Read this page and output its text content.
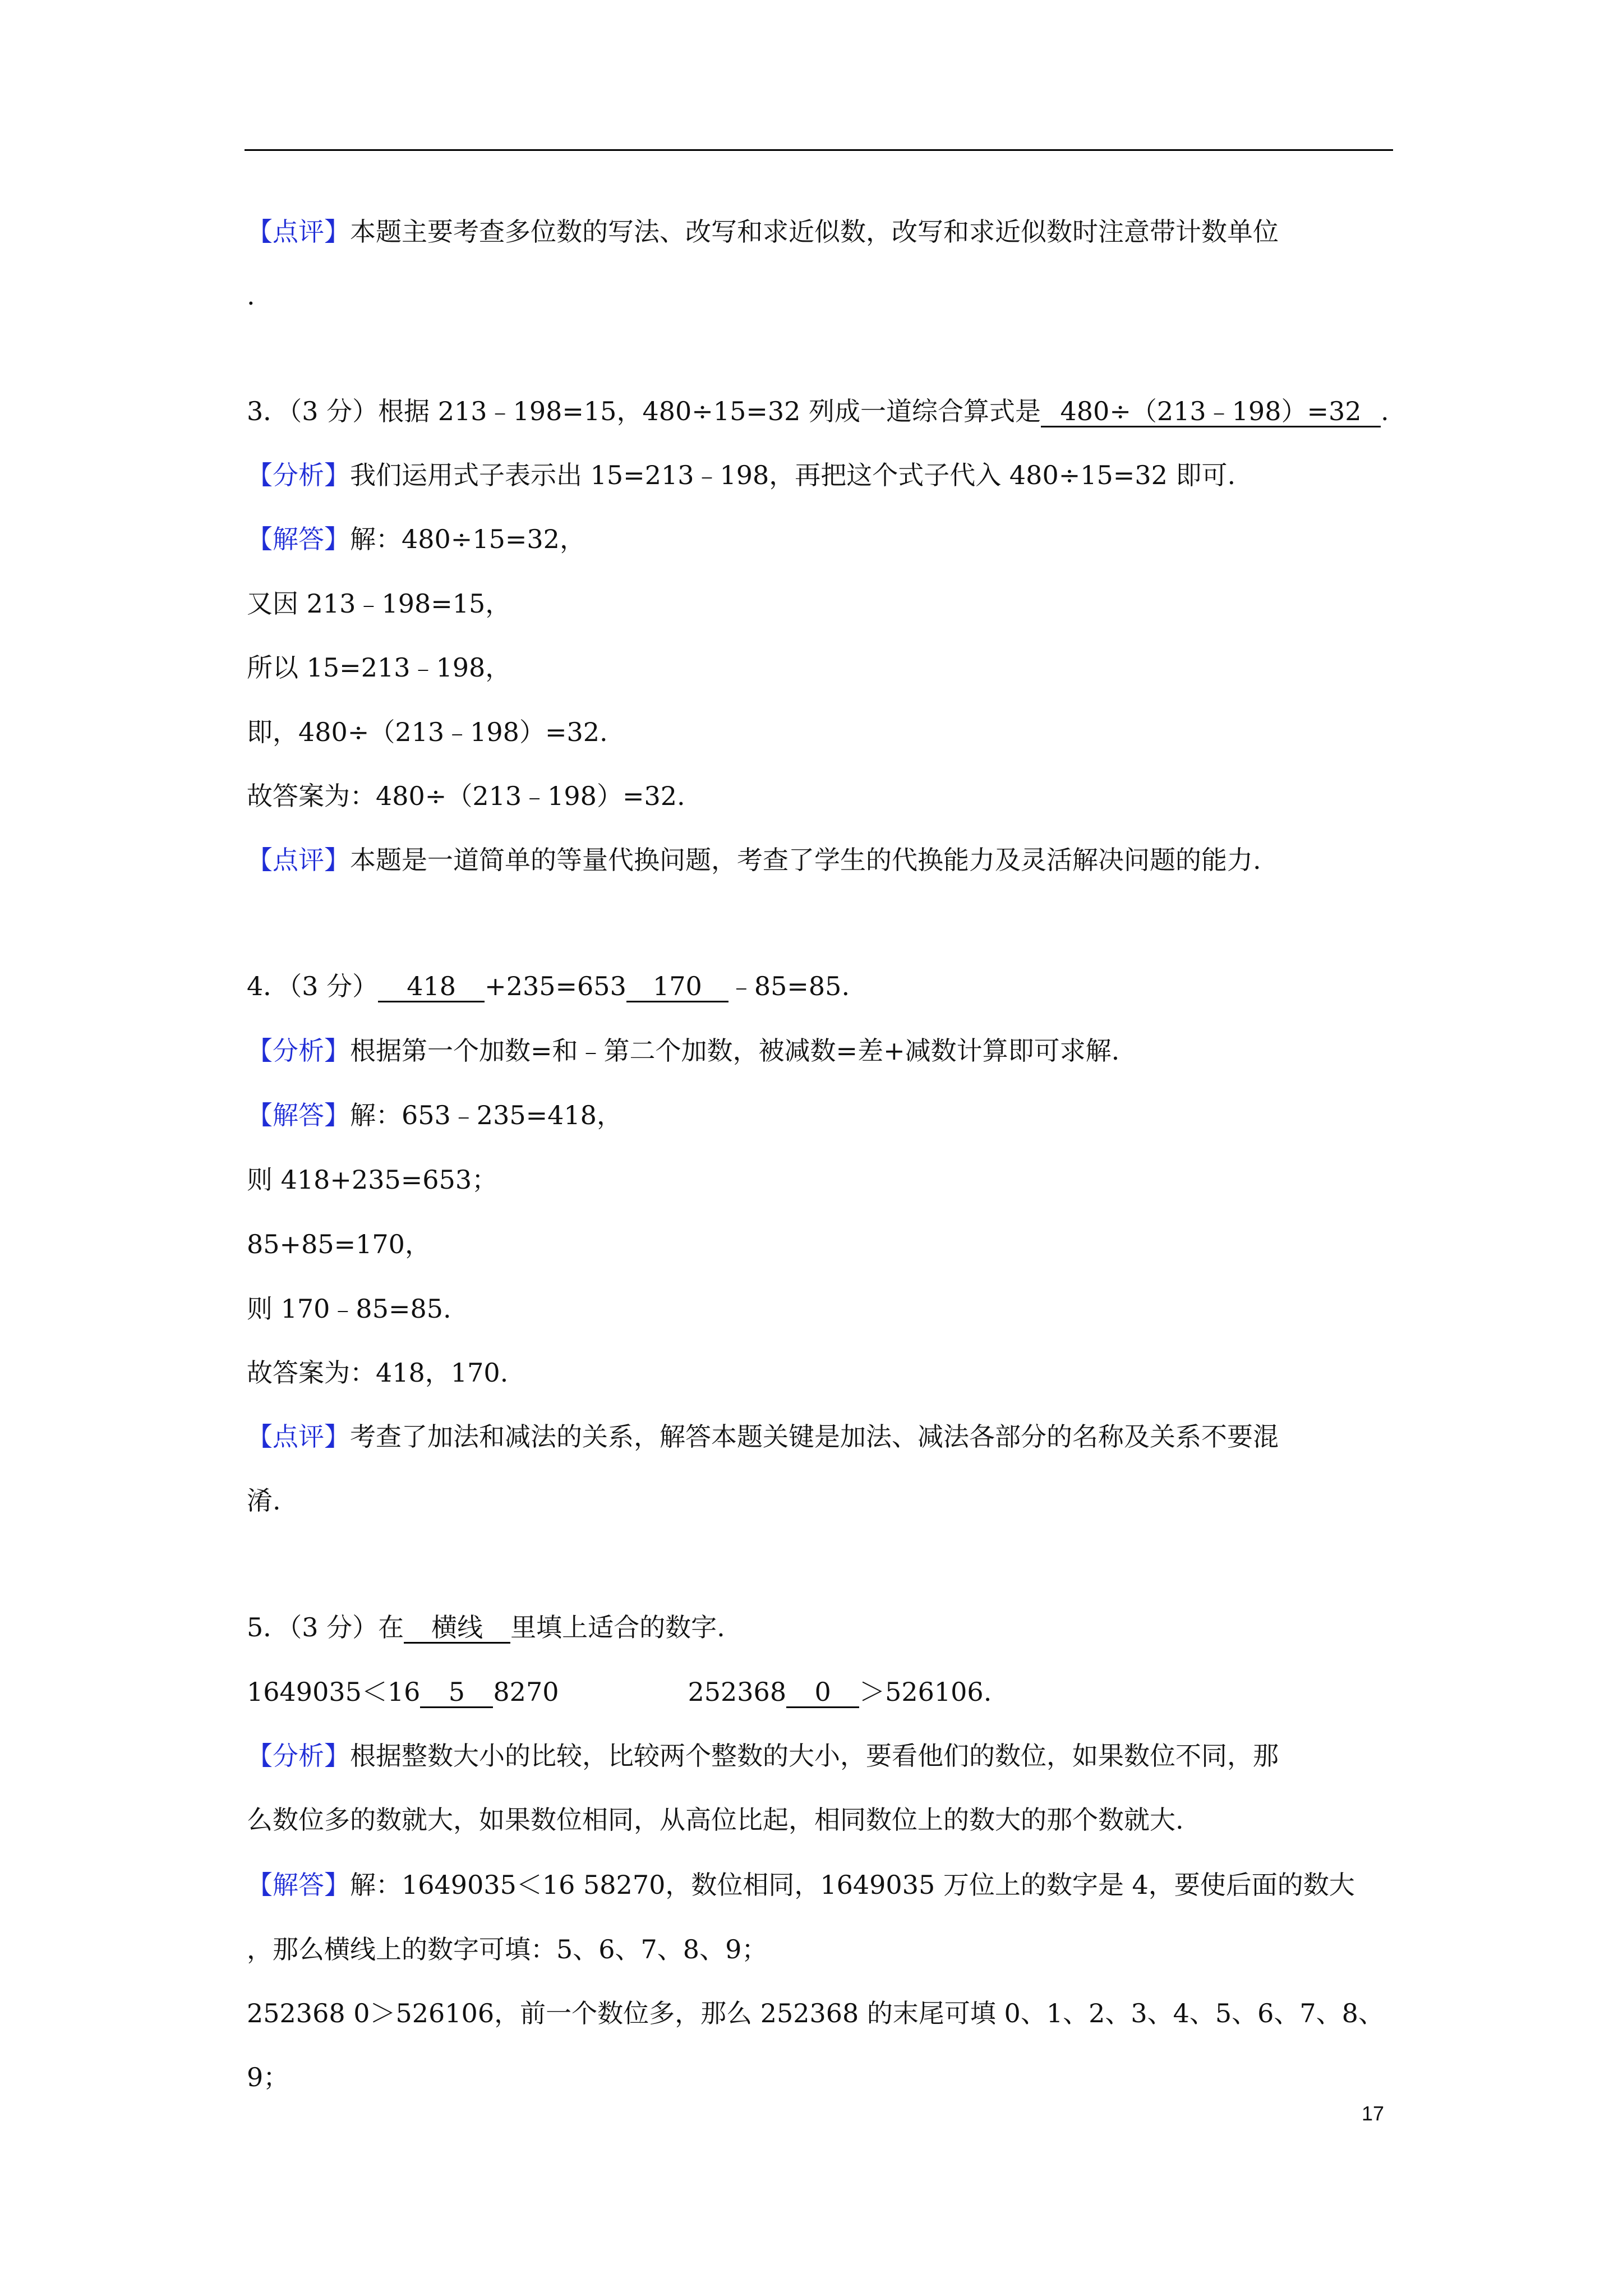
【点评】本题主要考查多位数的写法、改写和求近似数，改写和求近似数时注意带计数单位
.
3．（3 分）根据 213﹣198=15，480÷15=32 列成一道综合算式是 480÷（213﹣198）=32 .
【分析】我们运用式子表示出 15=213﹣198，再把这个式子代入 480÷15=32 即可.
【解答】解：480÷15=32，
又因 213﹣198=15，
所以 15=213﹣198，
即，480÷（213﹣198）=32.
故答案为：480÷（213﹣198）=32.
【点评】本题是一道简单的等量代换问题，考查了学生的代换能力及灵活解决问题的能力.
4．（3 分） 418 +235=653 170 ﹣85=85.
【分析】根据第一个加数=和﹣第二个加数，被减数=差+减数计算即可求解.
【解答】解：653﹣235=418，
则 418+235=653；
85+85=170，
则 170﹣85=85.
故答案为：418，170.
【点评】考查了加法和减法的关系，解答本题关键是加法、减法各部分的名称及关系不要混
淆.
5．（3 分）在 横线 里填上适合的数字.
1649035＜16 5 8270	252368 0 ＞526106.
【分析】根据整数大小的比较，比较两个整数的大小，要看他们的数位，如果数位不同，那
么数位多的数就大，如果数位相同，从高位比起，相同数位上的数大的那个数就大.
【解答】解：1649035＜16 58270，数位相同，1649035 万位上的数字是 4，要使后面的数大
，那么横线上的数字可填：5、6、7、8、9；
252368 0＞526106，前一个数位多，那么 252368 的末尾可填 0、1、2、3、4、5、6、7、8、
9；
17
